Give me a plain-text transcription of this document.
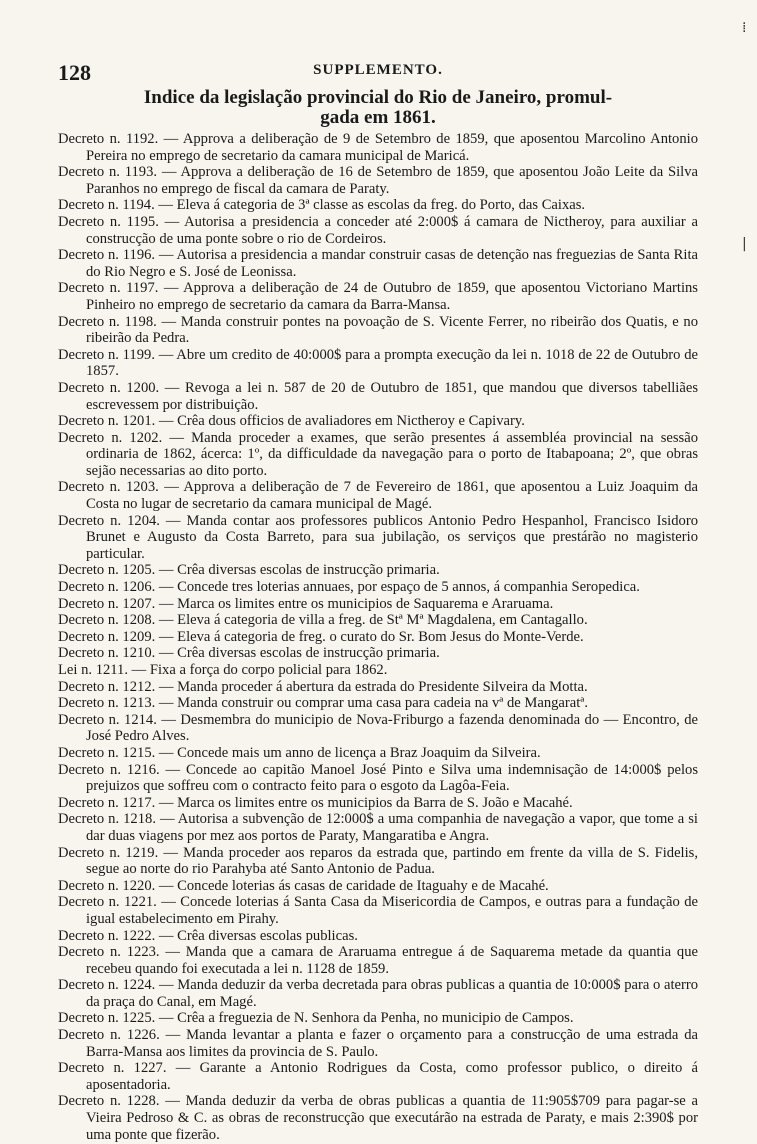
128	SUPPLEMENTO.
Indice da legislação provincial do Rio de Janeiro, promul-
gada em 1861.
Decreto n. 1192. — Approva a deliberação de 9 de Setembro de 1859, que aposentou Marcolino Antonio Pereira no emprego de secretario da camara municipal de Maricá.
Decreto n. 1193. — Approva a deliberação de 16 de Setembro de 1859, que aposentou João Leite da Silva Paranhos no emprego de fiscal da camara de Paraty.
Decreto n. 1194. — Eleva á categoria de 3ª classe as escolas da freg. do Porto, das Caixas.
Decreto n. 1195. — Autorisa a presidencia a conceder até 2:000$ á camara de Nictheroy, para auxiliar a construcção de uma ponte sobre o rio de Cordeiros.
Decreto n. 1196. — Autorisa a presidencia a mandar construir casas de detenção nas freguezias de Santa Rita do Rio Negro e S. José de Leonissa.
Decreto n. 1197. — Approva a deliberação de 24 de Outubro de 1859, que aposentou Victoriano Martins Pinheiro no emprego de secretario da camara da Barra-Mansa.
Decreto n. 1198. — Manda construir pontes na povoação de S. Vicente Ferrer, no ribeirão dos Quatis, e no ribeirão da Pedra.
Decreto n. 1199. — Abre um credito de 40:000$ para a prompta execução da lei n. 1018 de 22 de Outubro de 1857.
Decreto n. 1200. — Revoga a lei n. 587 de 20 de Outubro de 1851, que mandou que diversos tabelliães escrevessem por distribuição.
Decreto n. 1201. — Crêa dous officios de avaliadores em Nictheroy e Capivary.
Decreto n. 1202. — Manda proceder a exames, que serão presentes á assembléa provincial na sessão ordinaria de 1862, ácerca: 1º, da difficuldade da navegação para o porto de Itabapoana; 2º, que obras sejão necessarias ao dito porto.
Decreto n. 1203. — Approva a deliberação de 7 de Fevereiro de 1861, que aposentou a Luiz Joaquim da Costa no lugar de secretario da camara municipal de Magé.
Decreto n. 1204. — Manda contar aos professores publicos Antonio Pedro Hespanhol, Francisco Isidoro Brunet e Augusto da Costa Barreto, para sua jubilação, os serviços que prestárão no magisterio particular.
Decreto n. 1205. — Crêa diversas escolas de instrucção primaria.
Decreto n. 1206. — Concede tres loterias annuaes, por espaço de 5 annos, á companhia Seropedica.
Decreto n. 1207. — Marca os limites entre os municipios de Saquarema e Araruama.
Decreto n. 1208. — Eleva á categoria de villa a freg. de Stª Mª Magdalena, em Cantagallo.
Decreto n. 1209. — Eleva á categoria de freg. o curato do Sr. Bom Jesus do Monte-Verde.
Decreto n. 1210. — Crêa diversas escolas de instrucção primaria.
Lei n. 1211. — Fixa a força do corpo policial para 1862.
Decreto n. 1212. — Manda proceder á abertura da estrada do Presidente Silveira da Motta.
Decreto n. 1213. — Manda construir ou comprar uma casa para cadeia na vª de Mangaratª.
Decreto n. 1214. — Desmembra do municipio de Nova-Friburgo a fazenda denominada do — Encontro, de José Pedro Alves.
Decreto n. 1215. — Concede mais um anno de licença a Braz Joaquim da Silveira.
Decreto n. 1216. — Concede ao capitão Manoel José Pinto e Silva uma indemnisação de 14:000$ pelos prejuizos que soffreu com o contracto feito para o esgoto da Lagôa-Feia.
Decreto n. 1217. — Marca os limites entre os municipios da Barra de S. João e Macahé.
Decreto n. 1218. — Autorisa a subvenção de 12:000$ a uma companhia de navegação a vapor, que tome a si dar duas viagens por mez aos portos de Paraty, Mangaratiba e Angra.
Decreto n. 1219. — Manda proceder aos reparos da estrada que, partindo em frente da villa de S. Fidelis, segue ao norte do rio Parahyba até Santo Antonio de Padua.
Decreto n. 1220. — Concede loterias ás casas de caridade de Itaguahy e de Macahé.
Decreto n. 1221. — Concede loterias á Santa Casa da Misericordia de Campos, e outras para a fundação de igual estabelecimento em Pirahy.
Decreto n. 1222. — Crêa diversas escolas publicas.
Decreto n. 1223. — Manda que a camara de Araruama entregue á de Saquarema metade da quantia que recebeu quando foi executada a lei n. 1128 de 1859.
Decreto n. 1224. — Manda deduzir da verba decretada para obras publicas a quantia de 10:000$ para o aterro da praça do Canal, em Magé.
Decreto n. 1225. — Crêa a freguezia de N. Senhora da Penha, no municipio de Campos.
Decreto n. 1226. — Manda levantar a planta e fazer o orçamento para a construcção de uma estrada da Barra-Mansa aos limites da provincia de S. Paulo.
Decreto n. 1227. — Garante a Antonio Rodrigues da Costa, como professor publico, o direito á aposentadoria.
Decreto n. 1228. — Manda deduzir da verba de obras publicas a quantia de 11:905$709 para pagar-se a Vieira Pedroso & C. as obras de reconstrucção que executárão na estrada de Paraty, e mais 2:390$ por uma ponte que fizerão.
⁞
|
